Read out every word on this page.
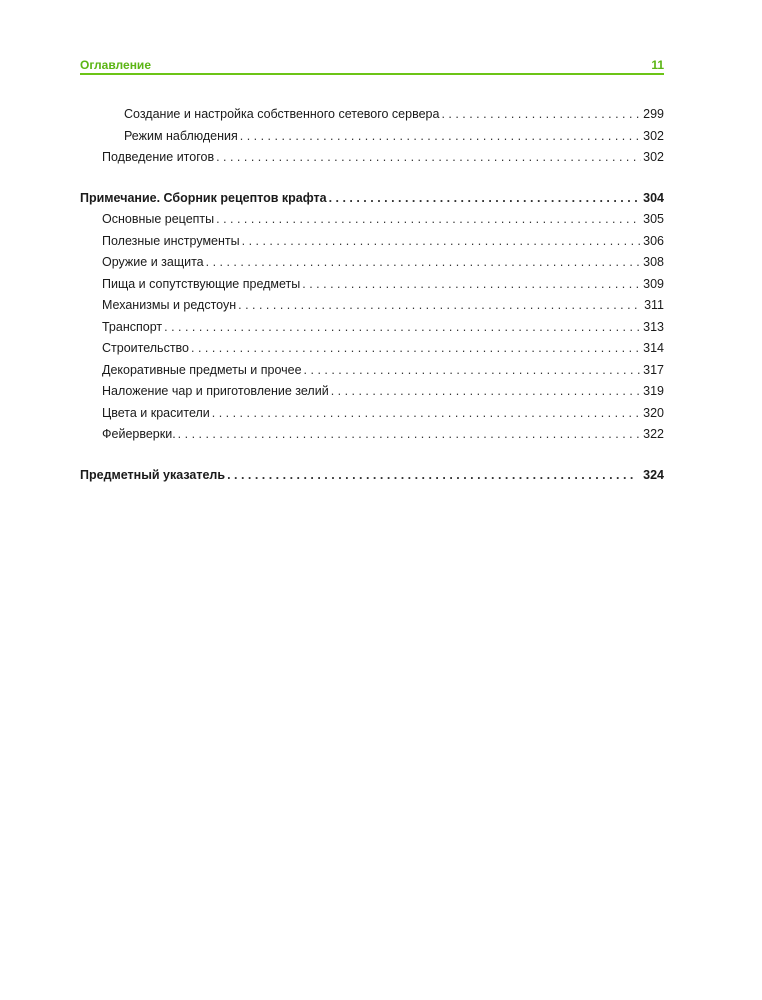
Оглавление	11
Создание и настройка собственного сетевого сервера . . .	299
Режим наблюдения . . .	302
Подведение итогов . . .	302
Примечание. Сборник рецептов крафта . . .	304
Основные рецепты . . .	305
Полезные инструменты . . .	306
Оружие и защита . . .	308
Пища и сопутствующие предметы . . .	309
Механизмы и редстоун . . .	311
Транспорт . . .	313
Строительство . . .	314
Декоративные предметы и прочее . . .	317
Наложение чар и приготовление зелий . . .	319
Цвета и красители . . .	320
Фейерверки. . . .	322
Предметный указатель . . .	324
